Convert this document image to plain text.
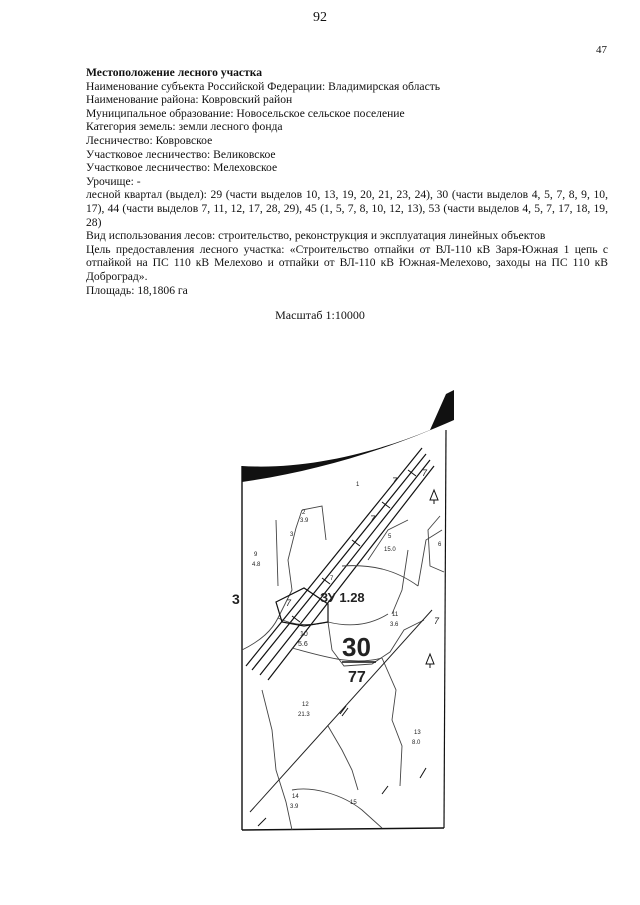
92
47
Местоположение лесного участка
Наименование субъекта Российской Федерации: Владимирская область
Наименование района: Ковровский район
Муниципальное образование: Новосельское сельское поселение
Категория земель: земли лесного фонда
Лесничество: Ковровское
Участковое лесничество: Великовское
Участковое лесничество: Мелеховское
Урочище: -
лесной квартал (выдел): 29 (части выделов 10, 13, 19, 20, 21, 23, 24), 30 (части выделов 4, 5, 7, 8, 9, 10, 17), 44 (части выделов 7, 11, 12, 17, 28, 29), 45 (1, 5, 7, 8, 10, 12, 13), 53 (части выделов 4, 5, 7, 17, 18, 19, 28)
Вид использования лесов: строительство, реконструкция и эксплуатация линейных объектов
Цель предоставления лесного участка: «Строительство отпайки от ВЛ-110 кВ Заря-Южная 1 цепь с отпайкой на ПС 110 кВ Мелехово и отпайки от ВЛ-110 кВ Южная-Мелехово, заходы на ПС 110 кВ Доброград».
Площадь: 18,1806 га
Масштаб 1:10000
ЗУ 1.28
30
77
1
2
3.9
3	5
15.0
6
7
9
4.8
10
5.6
11
3.6
12
21.3
13
8.0
14
3.9
15
7
7
7
7
7
3
